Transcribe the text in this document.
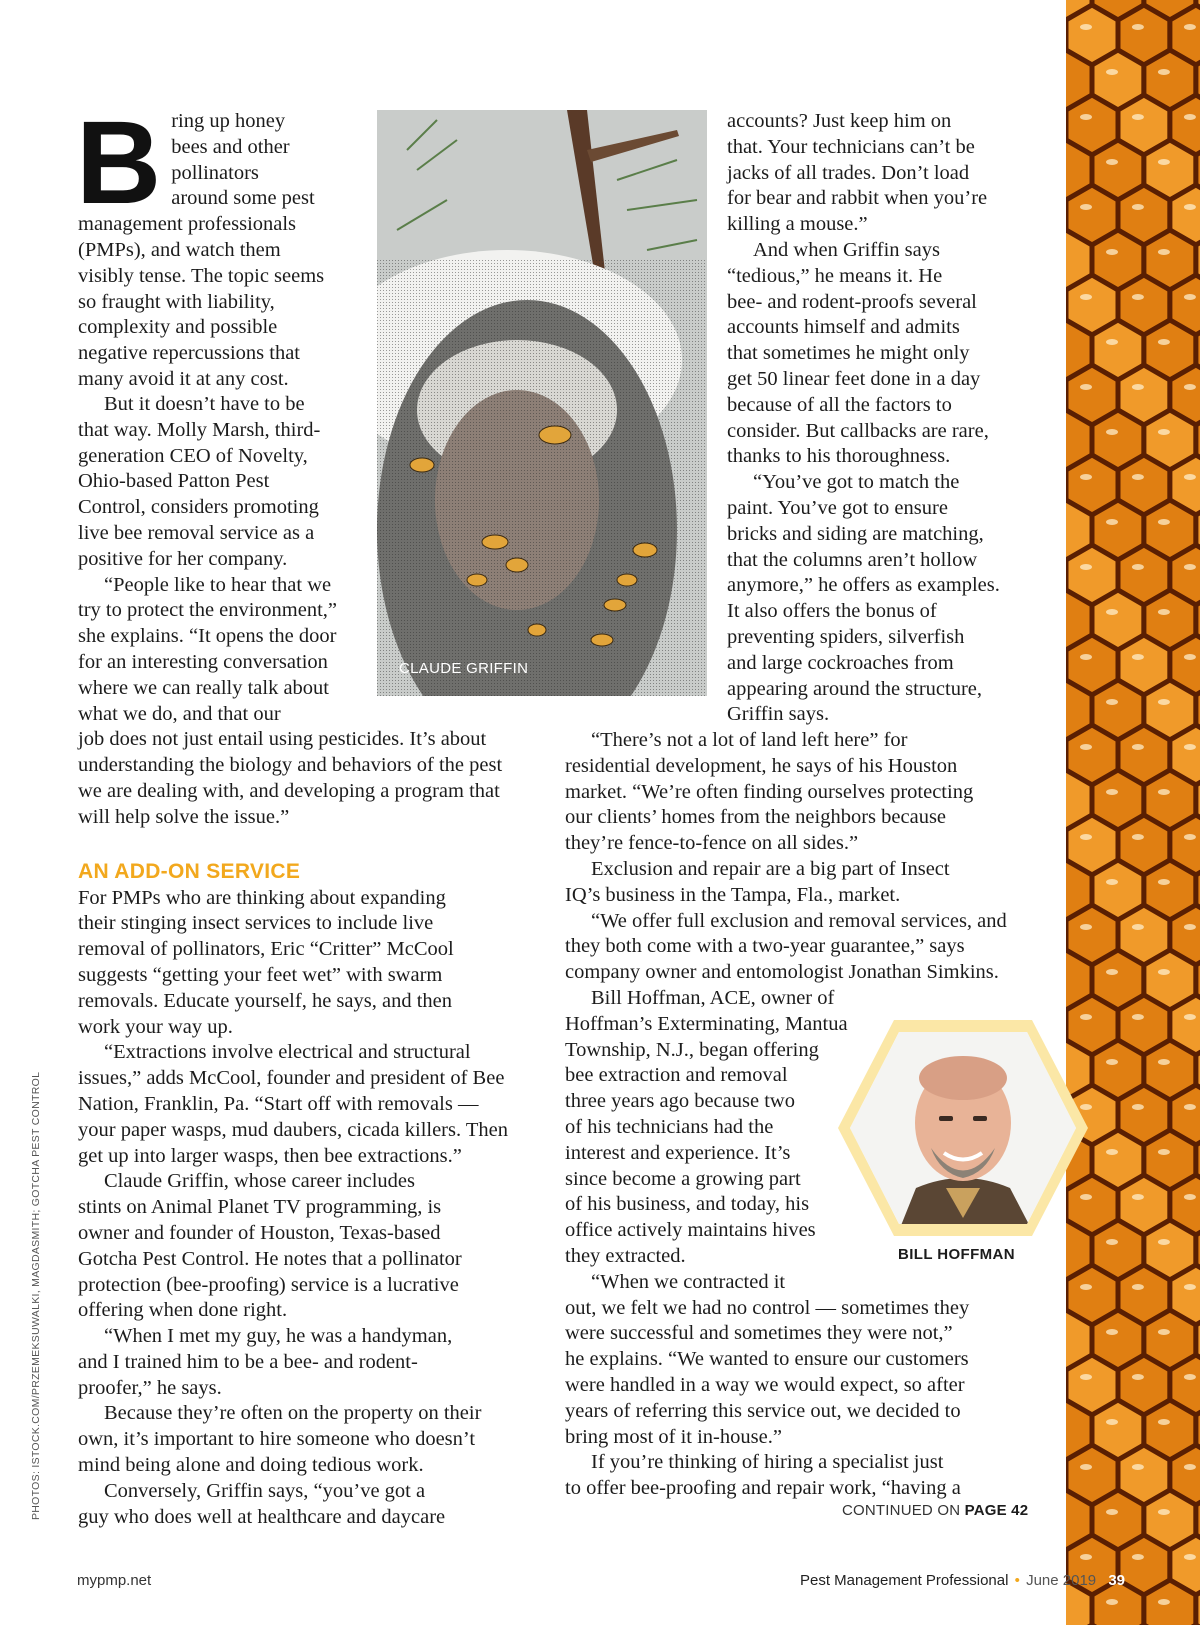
PHOTOS: ISTOCK.COM/PRZEMEKSUWALKI, MAGDASMITH; GOTCHA PEST CONTROL
B ring up honey
bees and other
pollinators
around some pest
management professionals
(PMPs), and watch them
visibly tense. The topic seems
so fraught with liability,
complexity and possible
negative repercussions that
many avoid it at any cost.

CLAUDE GRIFFIN

But it doesn’t have to be
that way. Molly Marsh, third-
generation CEO of Novelty,
Ohio-based Patton Pest
Control, considers promoting
live bee removal service as a
positive for her company.

“People like to hear that we
try to protect the environment,”
she explains. “It opens the door
for an interesting conversation
where we can really talk about
what we do, and that our

job does not just entail using pesticides. It’s about
understanding the biology and behaviors of the pest
we are dealing with, and developing a program that
will help solve the issue.”

AN ADD-ON SERVICE

For PMPs who are thinking about expanding
their stinging insect services to include live
removal of pollinators, Eric “Critter” McCool
suggests “getting your feet wet” with swarm
removals. Educate yourself, he says, and then
work your way up.

“Extractions involve electrical and structural
issues,” adds McCool, founder and president of Bee
Nation, Franklin, Pa. “Start off with removals —
your paper wasps, mud daubers, cicada killers. Then
get up into larger wasps, then bee extractions.”

Claude Griffin, whose career includes
stints on Animal Planet TV programming, is
owner and founder of Houston, Texas-based
Gotcha Pest Control. He notes that a pollinator
protection (bee-proofing) service is a lucrative
offering when done right.

“When I met my guy, he was a handyman,
and I trained him to be a bee- and rodent-
proofer,” he says.

Because they’re often on the property on their
own, it’s important to hire someone who doesn’t
mind being alone and doing tedious work.

Conversely, Griffin says, “you’ve got a
guy who does well at healthcare and daycare

accounts? Just keep him on
that. Your technicians can’t be
jacks of all trades. Don’t load
for bear and rabbit when you’re
killing a mouse.”

And when Griffin says
“tedious,” he means it. He
bee- and rodent-proofs several
accounts himself and admits
that sometimes he might only
get 50 linear feet done in a day
because of all the factors to
consider. But callbacks are rare,
thanks to his thoroughness.

“You’ve got to match the
paint. You’ve got to ensure
bricks and siding are matching,
that the columns aren’t hollow
anymore,” he offers as examples.
It also offers the bonus of
preventing spiders, silverfish
and large cockroaches from
appearing around the structure,
Griffin says.

“There’s not a lot of land left here” for
residential development, he says of his Houston
market. “We’re often finding ourselves protecting
our clients’ homes from the neighbors because
they’re fence-to-fence on all sides.”

Exclusion and repair are a big part of Insect
IQ’s business in the Tampa, Fla., market.

“We offer full exclusion and removal services, and
they both come with a two-year guarantee,” says
company owner and entomologist Jonathan Simkins.

Bill Hoffman, ACE, owner of
Hoffman’s Exterminating, Mantua
Township, N.J., began offering
bee extraction and removal
three years ago because two
of his technicians had the
interest and experience. It’s
since become a growing part
of his business, and today, his
office actively maintains hives
they extracted.

“When we contracted it
out, we felt we had no control — sometimes they
were successful and sometimes they were not,”
he explains. “We wanted to ensure our customers
were handled in a way we would expect, so after
years of referring this service out, we decided to
bring most of it in-house.”

If you’re thinking of hiring a specialist just
to offer bee-proofing and repair work, “having a

BILL HOFFMAN
CONTINUED ON PAGE 42
mypmp.net	Pest Management Professional • June 2019 39
